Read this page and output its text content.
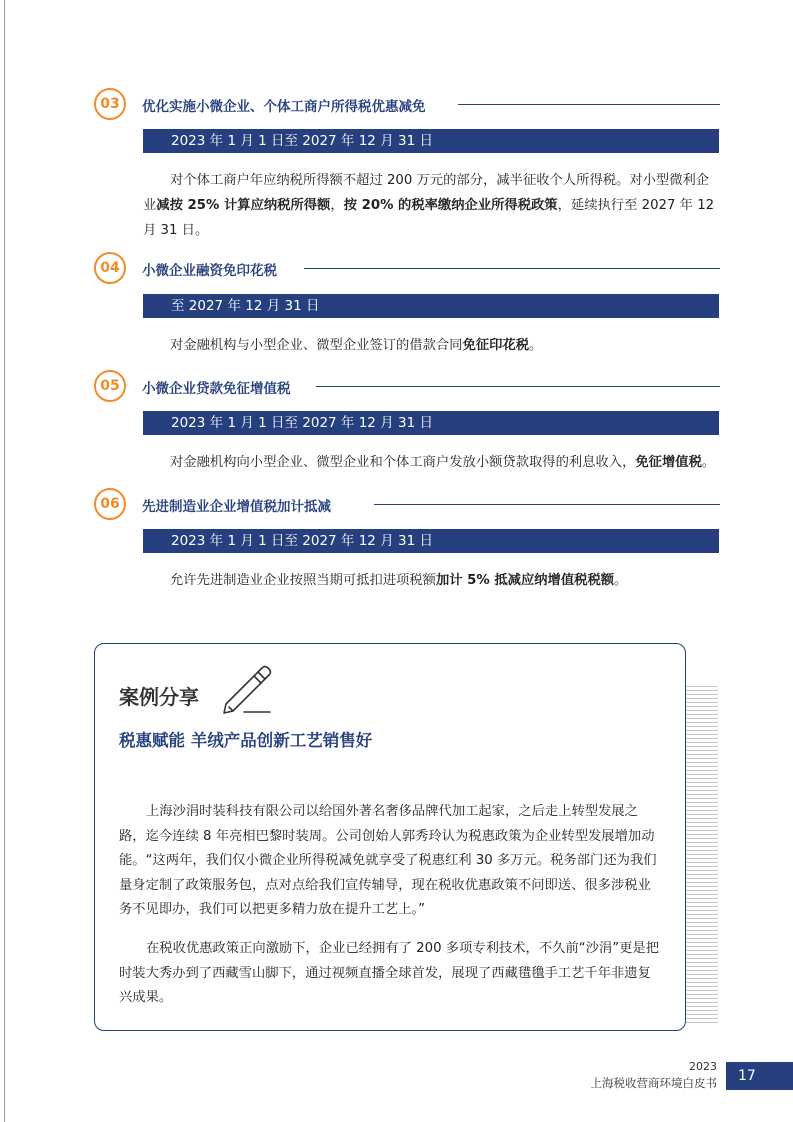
03	优化实施小微企业、个体工商户所得税优惠减免
2023 年 1 月 1 日至 2027 年 12 月 31 日
对个体工商户年应纳税所得额不超过 200 万元的部分，减半征收个人所得税。对小型微利企业减按 25% 计算应纳税所得额，按 20% 的税率缴纳企业所得税政策，延续执行至 2027 年 12 月 31 日。
04	小微企业融资免印花税
至 2027 年 12 月 31 日
对金融机构与小型企业、微型企业签订的借款合同免征印花税。
05	小微企业贷款免征增值税
2023 年 1 月 1 日至 2027 年 12 月 31 日
对金融机构向小型企业、微型企业和个体工商户发放小额贷款取得的利息收入，免征增值税。
06	先进制造业企业增值税加计抵减
2023 年 1 月 1 日至 2027 年 12 月 31 日
允许先进制造业企业按照当期可抵扣进项税额加计 5% 抵减应纳增值税税额。
案例分享
税惠赋能 羊绒产品创新工艺销售好
上海沙涓时装科技有限公司以给国外著名奢侈品牌代加工起家，之后走上转型发展之路，迄今连续 8 年亮相巴黎时装周。公司创始人郭秀玲认为税惠政策为企业转型发展增加动能。“这两年，我们仅小微企业所得税减免就享受了税惠红利 30 多万元。税务部门还为我们量身定制了政策服务包，点对点给我们宣传辅导，现在税收优惠政策不问即送、很多涉税业务不见即办，我们可以把更多精力放在提升工艺上。”
在税收优惠政策正向激励下，企业已经拥有了 200 多项专利技术，不久前“沙涓”更是把时装大秀办到了西藏雪山脚下，通过视频直播全球首发，展现了西藏氆氇手工艺千年非遗复兴成果。
2023
上海税收营商环境白皮书	17
